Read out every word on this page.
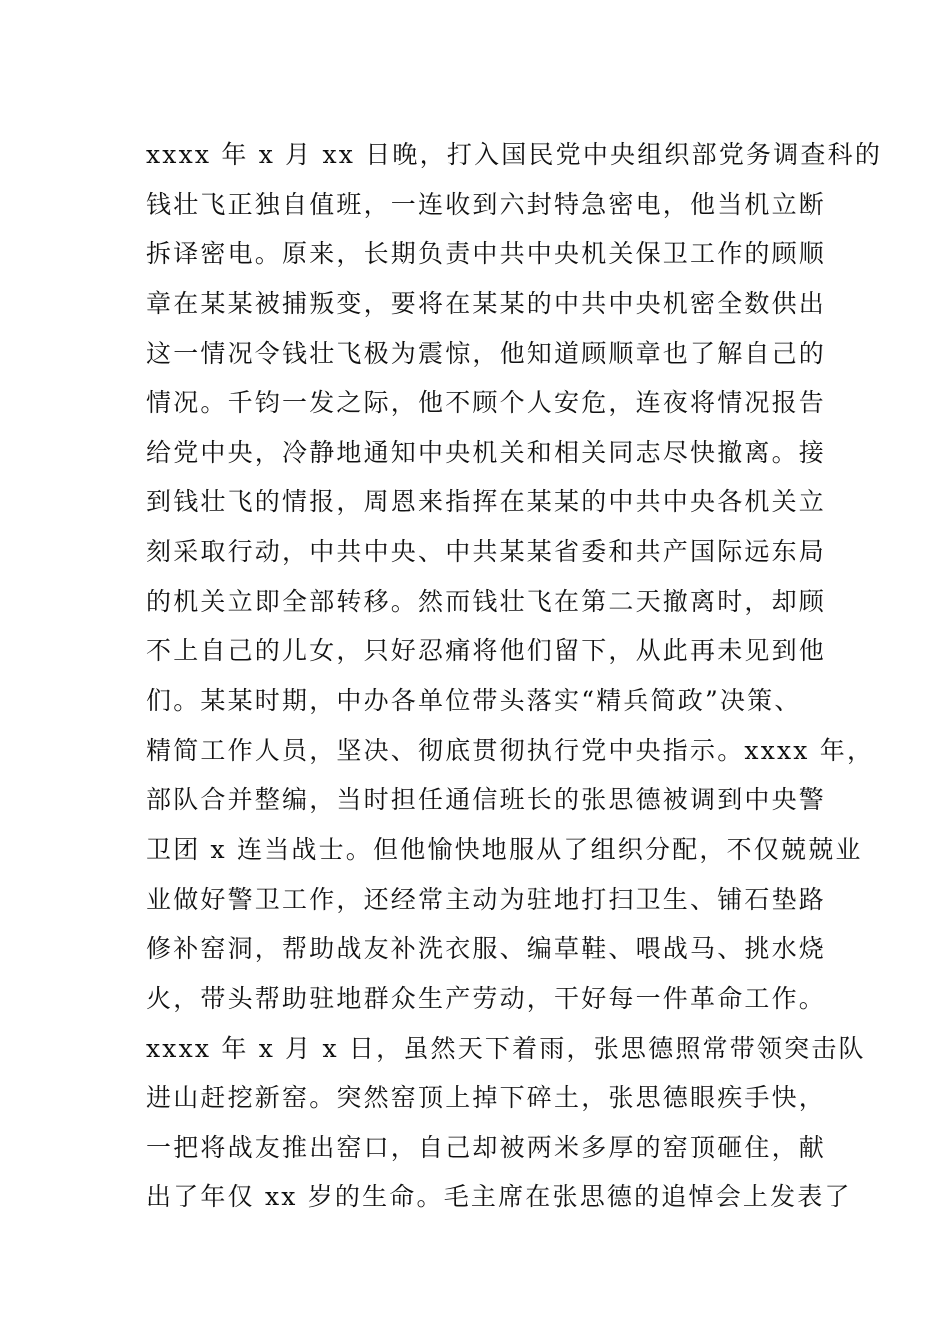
xxxx 年 x 月 xx 日晚，打入国民党中央组织部党务调查科的
钱壮飞正独自值班，一连收到六封特急密电，他当机立断
拆译密电。原来，长期负责中共中央机关保卫工作的顾顺
章在某某被捕叛变，要将在某某的中共中央机密全数供出
这一情况令钱壮飞极为震惊，他知道顾顺章也了解自己的
情况。千钧一发之际，他不顾个人安危，连夜将情况报告
给党中央，冷静地通知中央机关和相关同志尽快撤离。接
到钱壮飞的情报，周恩来指挥在某某的中共中央各机关立
刻采取行动，中共中央、中共某某省委和共产国际远东局
的机关立即全部转移。然而钱壮飞在第二天撤离时，却顾
不上自己的儿女，只好忍痛将他们留下，从此再未见到他
们。某某时期，中办各单位带头落实“精兵简政”决策、
精简工作人员，坚决、彻底贯彻执行党中央指示。xxxx 年，
部队合并整编，当时担任通信班长的张思德被调到中央警
卫团 x 连当战士。但他愉快地服从了组织分配，不仅兢兢业
业做好警卫工作，还经常主动为驻地打扫卫生、铺石垫路
修补窑洞，帮助战友补洗衣服、编草鞋、喂战马、挑水烧
火，带头帮助驻地群众生产劳动，干好每一件革命工作。
xxxx 年 x 月 x 日，虽然天下着雨，张思德照常带领突击队
进山赶挖新窑。突然窑顶上掉下碎土，张思德眼疾手快，
一把将战友推出窑口，自己却被两米多厚的窑顶砸住，献
出了年仅 xx 岁的生命。毛主席在张思德的追悼会上发表了
